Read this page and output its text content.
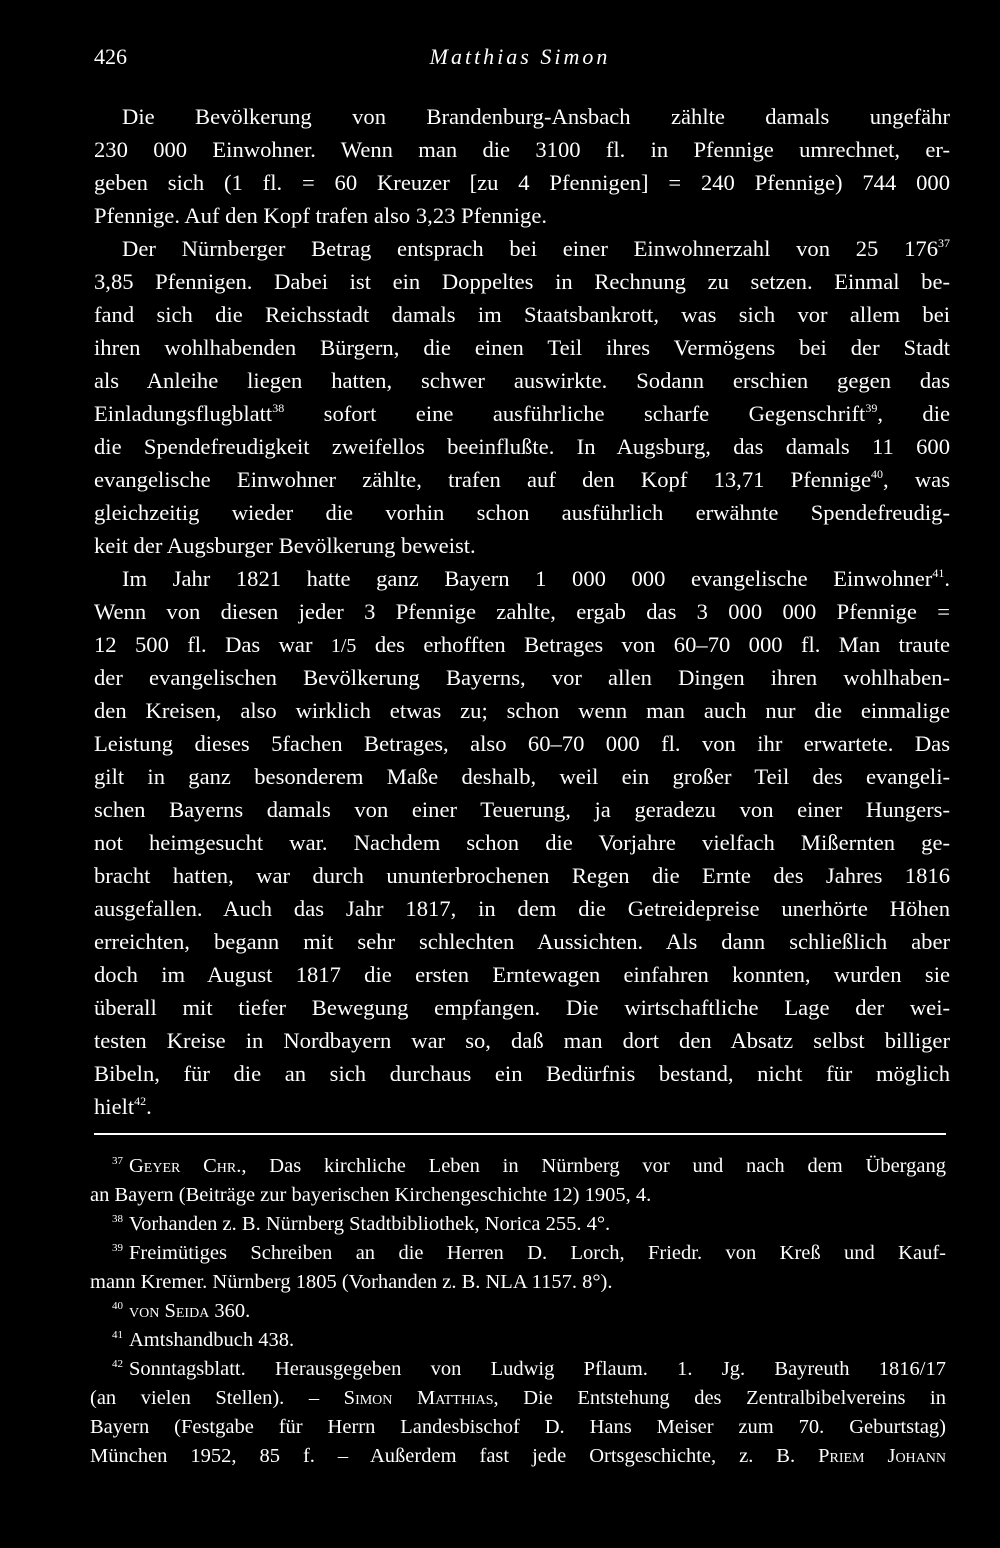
426	Matthias Simon
Die Bevölkerung von Brandenburg-Ansbach zählte damals ungefähr
230 000 Einwohner. Wenn man die 3100 fl. in Pfennige umrechnet, er-
geben sich (1 fl. = 60 Kreuzer [zu 4 Pfennigen] = 240 Pfennige) 744 000
Pfennige. Auf den Kopf trafen also 3,23 Pfennige.
Der Nürnberger Betrag entsprach bei einer Einwohnerzahl von 25 $176^{37}$
3,85 Pfennigen. Dabei ist ein Doppeltes in Rechnung zu setzen. Einmal be-
fand sich die Reichsstadt damals im Staatsbankrott, was sich vor allem bei
ihren wohlhabenden Bürgern, die einen Teil ihres Vermögens bei der Stadt
als Anleihe liegen hatten, schwer auswirkte. Sodann erschien gegen das
Einladungsflugblatt$^{38}$ sofort eine ausführliche scharfe Gegenschrift$^{39}$, die
die Spendefreudigkeit zweifellos beeinflußte. In Augsburg, das damals 11 600
evangelische Einwohner zählte, trafen auf den Kopf 13,71 Pfennige$^{40}$, was
gleichzeitig wieder die vorhin schon ausführlich erwähnte Spendefreudig-
keit der Augsburger Bevölkerung beweist.
Im Jahr 1821 hatte ganz Bayern 1 000 000 evangelische Einwohner$^{41}$.
Wenn von diesen jeder 3 Pfennige zahlte, ergab das 3 000 000 Pfennige =
12 500 fl. Das war 1/5 des erhofften Betrages von 60–70 000 fl. Man traute
der evangelischen Bevölkerung Bayerns, vor allen Dingen ihren wohlhaben-
den Kreisen, also wirklich etwas zu; schon wenn man auch nur die einmalige
Leistung dieses 5fachen Betrages, also 60–70 000 fl. von ihr erwartete. Das
gilt in ganz besonderem Maße deshalb, weil ein großer Teil des evangeli-
schen Bayerns damals von einer Teuerung, ja geradezu von einer Hungers-
not heimgesucht war. Nachdem schon die Vorjahre vielfach Mißernten ge-
bracht hatten, war durch ununterbrochenen Regen die Ernte des Jahres 1816
ausgefallen. Auch das Jahr 1817, in dem die Getreidepreise unerhörte Höhen
erreichten, begann mit sehr schlechten Aussichten. Als dann schließlich aber
doch im August 1817 die ersten Erntewagen einfahren konnten, wurden sie
überall mit tiefer Bewegung empfangen. Die wirtschaftliche Lage der wei-
testen Kreise in Nordbayern war so, daß man dort den Absatz selbst billiger
Bibeln, für die an sich durchaus ein Bedürfnis bestand, nicht für möglich
hielt$^{42}$.
$^{37}$ Geyer Chr., Das kirchliche Leben in Nürnberg vor und nach dem Übergang
an Bayern (Beiträge zur bayerischen Kirchengeschichte 12) 1905, 4.
$^{38}$ Vorhanden z. B. Nürnberg Stadtbibliothek, Norica 255. 4°.
$^{39}$ Freimütiges Schreiben an die Herren D. Lorch, Friedr. von Kreß und Kauf-
mann Kremer. Nürnberg 1805 (Vorhanden z. B. NLA 1157. 8°).
$^{40}$ von Seida 360.
$^{41}$ Amtshandbuch 438.
$^{42}$ Sonntagsblatt. Herausgegeben von Ludwig Pflaum. 1. Jg. Bayreuth 1816/17
(an vielen Stellen). – Simon Matthias, Die Entstehung des Zentralbibelvereins in
Bayern (Festgabe für Herrn Landesbischof D. Hans Meiser zum 70. Geburtstag)
München 1952, 85 f. – Außerdem fast jede Ortsgeschichte, z. B. Priem Johann
